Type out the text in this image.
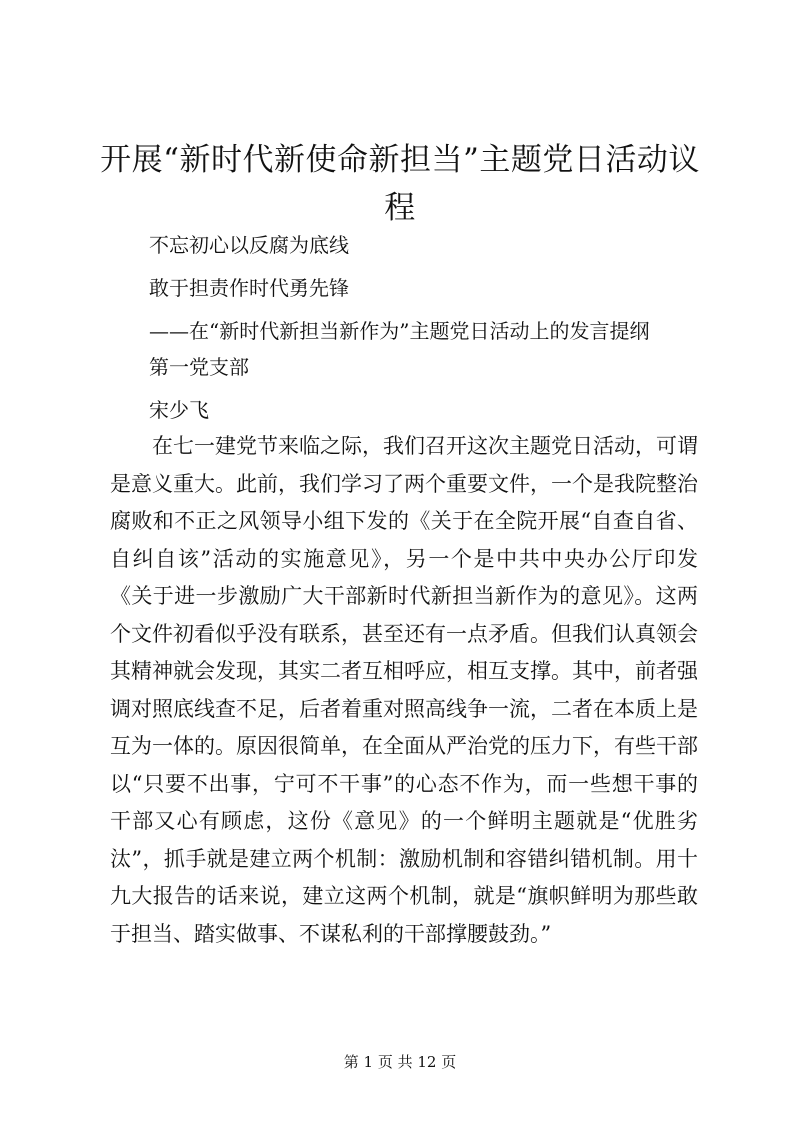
开展“新时代新使命新担当”主题党日活动议程

不忘初心以反腐为底线

敢于担责作时代勇先锋

——在“新时代新担当新作为”主题党日活动上的发言提纲

第一党支部

宋少飞

在七一建党节来临之际，我们召开这次主题党日活动，可谓是意义重大。此前，我们学习了两个重要文件，一个是我院整治腐败和不正之风领导小组下发的《关于在全院开展“自查自省、自纠自该”活动的实施意见》，另一个是中共中央办公厅印发《关于进一步激励广大干部新时代新担当新作为的意见》。这两个文件初看似乎没有联系，甚至还有一点矛盾。但我们认真领会其精神就会发现，其实二者互相呼应，相互支撑。其中，前者强调对照底线查不足，后者着重对照高线争一流，二者在本质上是互为一体的。原因很简单，在全面从严治党的压力下，有些干部以“只要不出事，宁可不干事”的心态不作为，而一些想干事的干部又心有顾虑，这份《意见》的一个鲜明主题就是“优胜劣汰”，抓手就是建立两个机制：激励机制和容错纠错机制。用十九大报告的话来说，建立这两个机制，就是“旗帜鲜明为那些敢于担当、踏实做事、不谋私利的干部撑腰鼓劲。”

第 1 页 共 12 页
